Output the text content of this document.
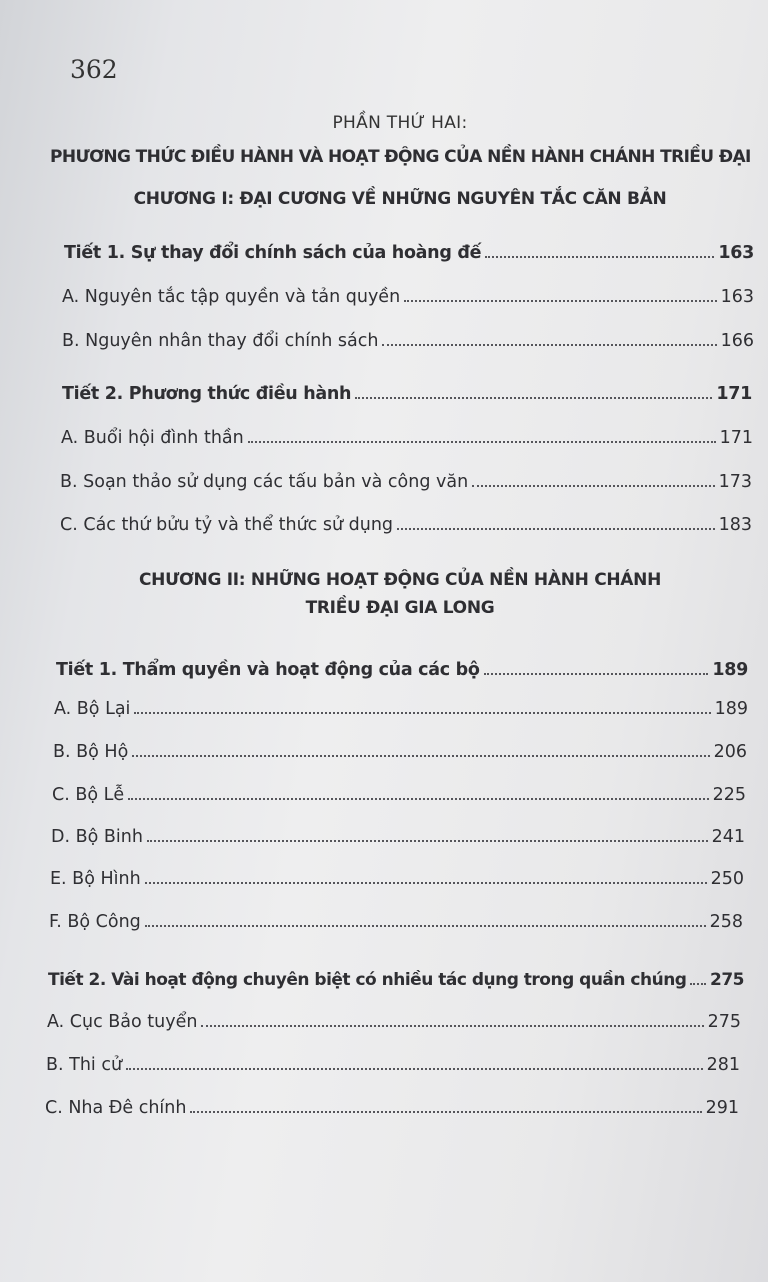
362
PHẦN THỨ HAI:
PHƯƠNG THỨC ĐIỀU HÀNH VÀ HOẠT ĐỘNG CỦA NỀN HÀNH CHÁNH TRIỀU ĐẠI
CHƯƠNG I: ĐẠI CƯƠNG VỀ NHỮNG NGUYÊN TẮC CĂN BẢN
Tiết 1. Sự thay đổi chính sách của hoàng đế	163
A. Nguyên tắc tập quyền và tản quyền	163
B. Nguyên nhân thay đổi chính sách	166
Tiết 2. Phương thức điều hành	171
A. Buổi hội đình thần	171
B. Soạn thảo sử dụng các tấu bản và công văn	173
C. Các thứ bửu tỷ và thể thức sử dụng	183
CHƯƠNG II: NHỮNG HOẠT ĐỘNG CỦA NỀN HÀNH CHÁNH
TRIỀU ĐẠI GIA LONG
Tiết 1. Thẩm quyền và hoạt động của các bộ	189
A. Bộ Lại	189
B. Bộ Hộ	206
C. Bộ Lễ	225
D. Bộ Binh	241
E. Bộ Hình	250
F. Bộ Công	258
Tiết 2. Vài hoạt động chuyên biệt có nhiều tác dụng trong quần chúng 275
A. Cục Bảo tuyển	275
B. Thi cử	281
C. Nha Đê chính	291
